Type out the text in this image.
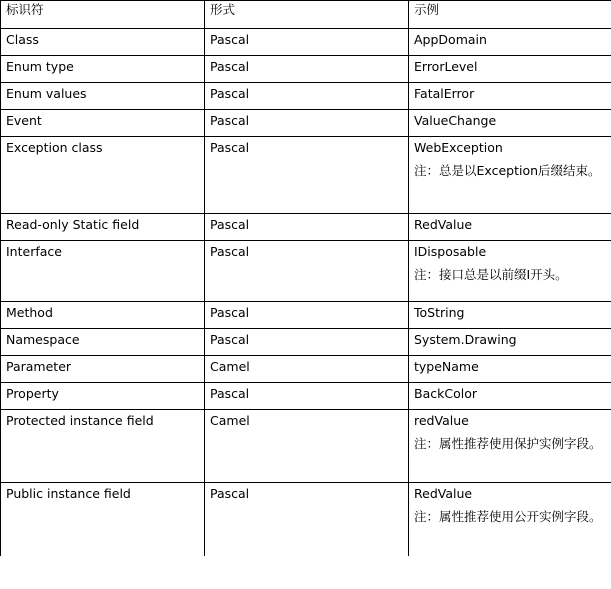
标识符	形式	示例
Class	Pascal	AppDomain

Enum type	Pascal	ErrorLevel

Enum values	Pascal	FatalError

Event	Pascal	ValueChange

Exception class	Pascal	WebException
注：总是以Exception后缀结束。

Read-only Static field	Pascal	RedValue

Interface	Pascal	IDisposable
注：接口总是以前缀I开头。

Method	Pascal	ToString

Namespace	Pascal	System.Drawing

Parameter	Camel	typeName

Property	Pascal	BackColor

Protected instance field	Camel	redValue
注：属性推荐使用保护实例字段。

Public instance field	Pascal	RedValue
注：属性推荐使用公开实例字段。
